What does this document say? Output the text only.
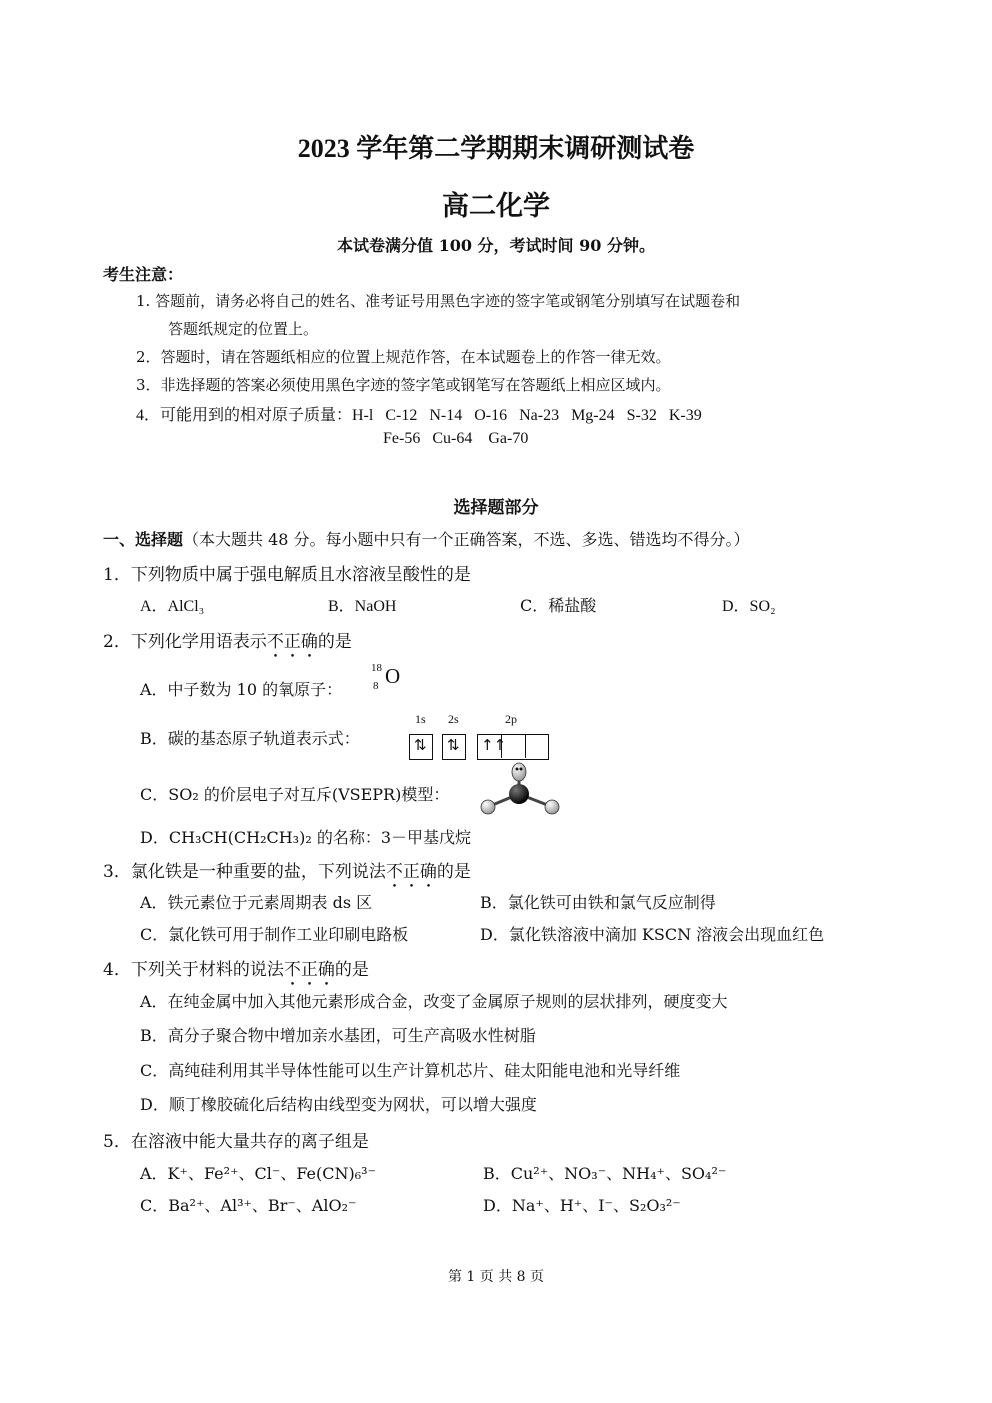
2023 学年第二学期期末调研测试卷
高二化学
本试卷满分值 100 分，考试时间 90 分钟。
考生注意：
1. 答题前，请务必将自己的姓名、准考证号用黑色字迹的签字笔或钢笔分别填写在试题卷和
答题纸规定的位置上。
2．答题时，请在答题纸相应的位置上规范作答，在本试题卷上的作答一律无效。
3．非选择题的答案必须使用黑色字迹的签字笔或钢笔写在答题纸上相应区域内。
4．可能用到的相对原子质量：H-l   C-12   N-14   O-16   Na-23   Mg-24   S-32   K-39
Fe-56   Cu-64    Ga-70
选择题部分
一、选择题（本大题共 48 分。每小题中只有一个正确答案，不选、多选、错选均不得分。）
1．下列物质中属于强电解质且水溶液呈酸性的是
A．AlCl₃	B．NaOH	C．稀盐酸	D．SO₂
2．下列化学用语表示不正确的是
A．中子数为 10 的氧原子：
18
8 O
B．碳的基态原子轨道表示式：
1s 2s	2p
⇅ ⇅ ↑↑
C．SO₂ 的价层电子对互斥(VSEPR)模型：
D．CH₃CH(CH₂CH₃)₂ 的名称：3－甲基戊烷
3．氯化铁是一种重要的盐，下列说法不正确的是
A．铁元素位于元素周期表 ds 区	B．氯化铁可由铁和氯气反应制得
C．氯化铁可用于制作工业印刷电路板	D．氯化铁溶液中滴加 KSCN 溶液会出现血红色
4．下列关于材料的说法不正确的是
A．在纯金属中加入其他元素形成合金，改变了金属原子规则的层状排列，硬度变大
B．高分子聚合物中增加亲水基团，可生产高吸水性树脂
C．高纯硅利用其半导体性能可以生产计算机芯片、硅太阳能电池和光导纤维
D．顺丁橡胶硫化后结构由线型变为网状，可以增大强度
5．在溶液中能大量共存的离子组是
A．K⁺、Fe²⁺、Cl⁻、Fe(CN)₆³⁻	B．Cu²⁺、NO₃⁻、NH₄⁺、SO₄²⁻
C．Ba²⁺、Al³⁺、Br⁻、AlO₂⁻	D．Na⁺、H⁺、I⁻、S₂O₃²⁻
第 1 页 共 8 页
